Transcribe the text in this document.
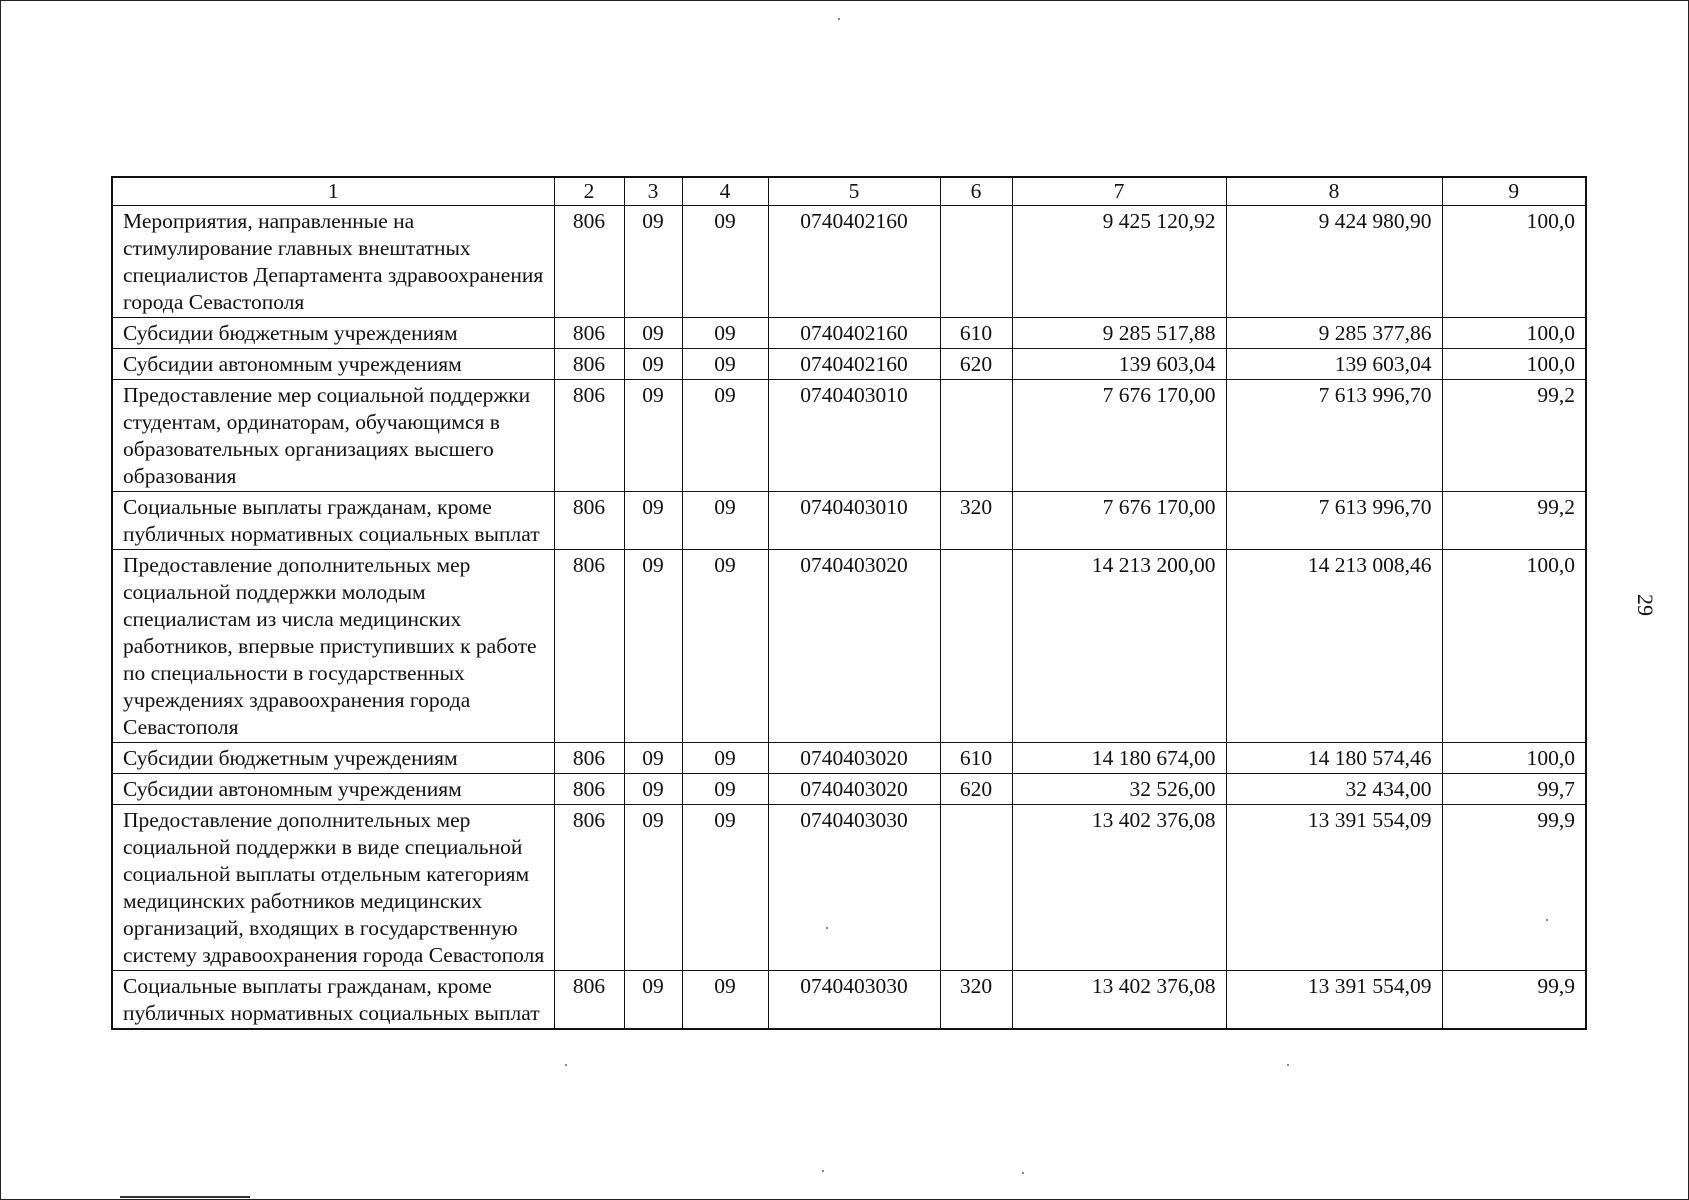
1	2	3	4	5	6	7	8	9
Мероприятия, направленные на стимулирование главных внештатных специалистов Департамента здравоохранения города Севастополя	806	09	09	0740402160		9 425 120,92	9 424 980,90	100,0
Субсидии бюджетным учреждениям	806	09	09	0740402160	610	9 285 517,88	9 285 377,86	100,0
Субсидии автономным учреждениям	806	09	09	0740402160	620	139 603,04	139 603,04	100,0
Предоставление мер социальной поддержки студентам, ординаторам, обучающимся в образовательных организациях высшего образования	806	09	09	0740403010		7 676 170,00	7 613 996,70	99,2
Социальные выплаты гражданам, кроме публичных нормативных социальных выплат	806	09	09	0740403010	320	7 676 170,00	7 613 996,70	99,2
Предоставление дополнительных мер социальной поддержки молодым специалистам из числа медицинских работников, впервые приступивших к работе по специальности в государственных учреждениях здравоохранения города Севастополя	806	09	09	0740403020		14 213 200,00	14 213 008,46	100,0
Субсидии бюджетным учреждениям	806	09	09	0740403020	610	14 180 674,00	14 180 574,46	100,0
Субсидии автономным учреждениям	806	09	09	0740403020	620	32 526,00	32 434,00	99,7
Предоставление дополнительных мер социальной поддержки в виде специальной социальной выплаты отдельным категориям медицинских работников медицинских организаций, входящих в государственную систему здравоохранения города Севастополя	806	09	09	0740403030		13 402 376,08	13 391 554,09	99,9
Социальные выплаты гражданам, кроме публичных нормативных социальных выплат	806	09	09	0740403030	320	13 402 376,08	13 391 554,09	99,9
29
